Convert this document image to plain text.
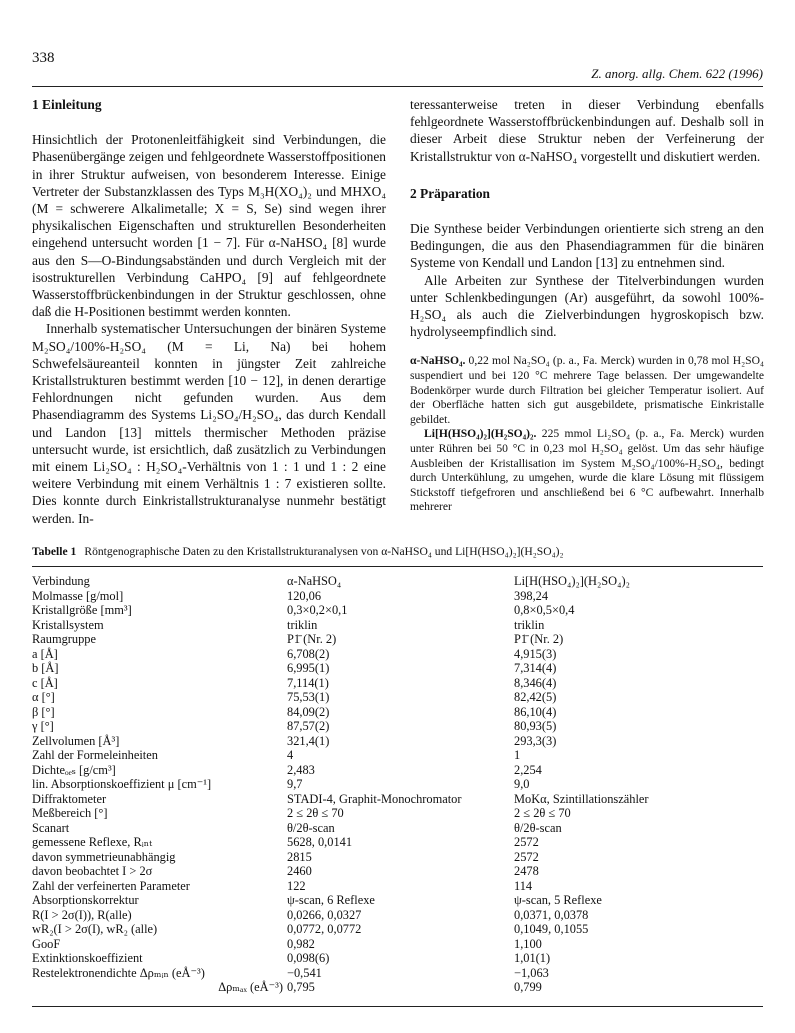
338
Z. anorg. allg. Chem. 622 (1996)
1 Einleitung

Hinsichtlich der Protonenleitfähigkeit sind Verbindungen, die Phasenübergänge zeigen und fehlgeordnete Wasserstoffpositionen in ihrer Struktur aufweisen, von besonderem Interesse. Einige Vertreter der Substanzklassen des Typs M₃H(XO₄)₂ und MHXO₄ (M = schwerere Alkalimetalle; X = S, Se) sind wegen ihrer physikalischen Eigenschaften und strukturellen Besonderheiten eingehend untersucht worden [1 − 7]. Für α-NaHSO₄ [8] wurde aus den S—O-Bindungsabständen und durch Vergleich mit der isostrukturellen Verbindung CaHPO₄ [9] auf fehlgeordnete Wasserstoffbrückenbindungen in der Struktur geschlossen, ohne daß die H-Positionen bestimmt werden konnten.

Innerhalb systematischer Untersuchungen der binären Systeme M₂SO₄/100%-H₂SO₄ (M = Li, Na) bei hohem Schwefelsäureanteil konnten in jüngster Zeit zahlreiche Kristallstrukturen bestimmt werden [10 − 12], in denen derartige Fehlordnungen nicht gefunden wurden. Aus dem Phasendiagramm des Systems Li₂SO₄/H₂SO₄, das durch Kendall und Landon [13] mittels thermischer Methoden präzise untersucht wurde, ist ersichtlich, daß zusätzlich zu Verbindungen mit einem Li₂SO₄ : H₂SO₄-Verhältnis von 1 : 1 und 1 : 2 eine weitere Verbindung mit einem Verhältnis 1 : 7 existieren sollte. Dies konnte durch Einkristallstrukturanalyse nunmehr bestätigt werden. In-

teressanterweise treten in dieser Verbindung ebenfalls fehlgeordnete Wasserstoffbrückenbindungen auf. Deshalb soll in dieser Arbeit diese Struktur neben der Verfeinerung der Kristallstruktur von α-NaHSO₄ vorgestellt und diskutiert werden.

2 Präparation

Die Synthese beider Verbindungen orientierte sich streng an den Bedingungen, die aus den Phasendiagrammen für die binären Systeme von Kendall und Landon [13] zu entnehmen sind.

Alle Arbeiten zur Synthese der Titelverbindungen wurden unter Schlenkbedingungen (Ar) ausgeführt, da sowohl 100%-H₂SO₄ als auch die Zielverbindungen hygroskopisch bzw. hydrolyseempfindlich sind.

α-NaHSO₄. 0,22 mol Na₂SO₄ (p. a., Fa. Merck) wurden in 0,78 mol H₂SO₄ suspendiert und bei 120 °C mehrere Tage belassen. Der umgewandelte Bodenkörper wurde durch Filtration bei gleicher Temperatur isoliert. Auf der Oberfläche hatten sich gut ausgebildete, prismatische Einkristalle gebildet.

Li[H(HSO₄)₂](H₂SO₄)₂. 225 mmol Li₂SO₄ (p. a., Fa. Merck) wurden unter Rühren bei 50 °C in 0,23 mol H₂SO₄ gelöst. Um das sehr häufige Ausbleiben der Kristallisation im System M₂SO₄/100%-H₂SO₄, bedingt durch Unterkühlung, zu umgehen, wurde die klare Lösung mit flüssigem Stickstoff tiefgefroren und anschließend bei 6 °C aufbewahrt. Innerhalb mehrerer

Tabelle 1 Röntgenographische Daten zu den Kristallstrukturanalysen von α-NaHSO₄ und Li[H(HSO₄)₂](H₂SO₄)₂
Verbindung	α-NaHSO₄	Li[H(HSO₄)₂](H₂SO₄)₂
Molmasse [g/mol]	120,06	398,24
Kristallgröße [mm³]	0,3×0,2×0,1	0,8×0,5×0,4
Kristallsystem	triklin	triklin
Raumgruppe	P1̄ (Nr. 2)	P1̄ (Nr. 2)
a [Å]	6,708(2)	4,915(3)
b [Å]	6,995(1)	7,314(4)
c [Å]	7,114(1)	8,346(4)
α [°]	75,53(1)	82,42(5)
β [°]	84,09(2)	86,10(4)
γ [°]	87,57(2)	80,93(5)
Zellvolumen [Å³]	321,4(1)	293,3(3)
Zahl der Formeleinheiten	4	1
Dichteₒₑₛ [g/cm³]	2,483	2,254
lin. Absorptionskoeffizient μ [cm⁻¹]	9,7	9,0
Diffraktometer	STADI-4, Graphit-Monochromator	MoKα, Szintillationszähler
Meßbereich [°]	2 ≤ 2θ ≤ 70	2 ≤ 2θ ≤ 70
Scanart	θ/2θ-scan	θ/2θ-scan
gemessene Reflexe, Rᵢₙₜ	5628, 0,0141	2572
davon symmetrieunabhängig	2815	2572
davon beobachtet I > 2σ	2460	2478
Zahl der verfeinerten Parameter	122	114
Absorptionskorrektur	ψ-scan, 6 Reflexe	ψ-scan, 5 Reflexe
R(I > 2σ(I)), R(alle)	0,0266, 0,0327	0,0371, 0,0378
wR₂(I > 2σ(I), wR₂ (alle)	0,0772, 0,0772	0,1049, 0,1055
GooF	0,982	1,100
Extinktionskoeffizient	0,098(6)	1,01(1)
Restelektronendichte Δρₘᵢₙ (eÅ⁻³)	−0,541	−1,063
Δρₘₐₓ (eÅ⁻³)	0,795	0,799
